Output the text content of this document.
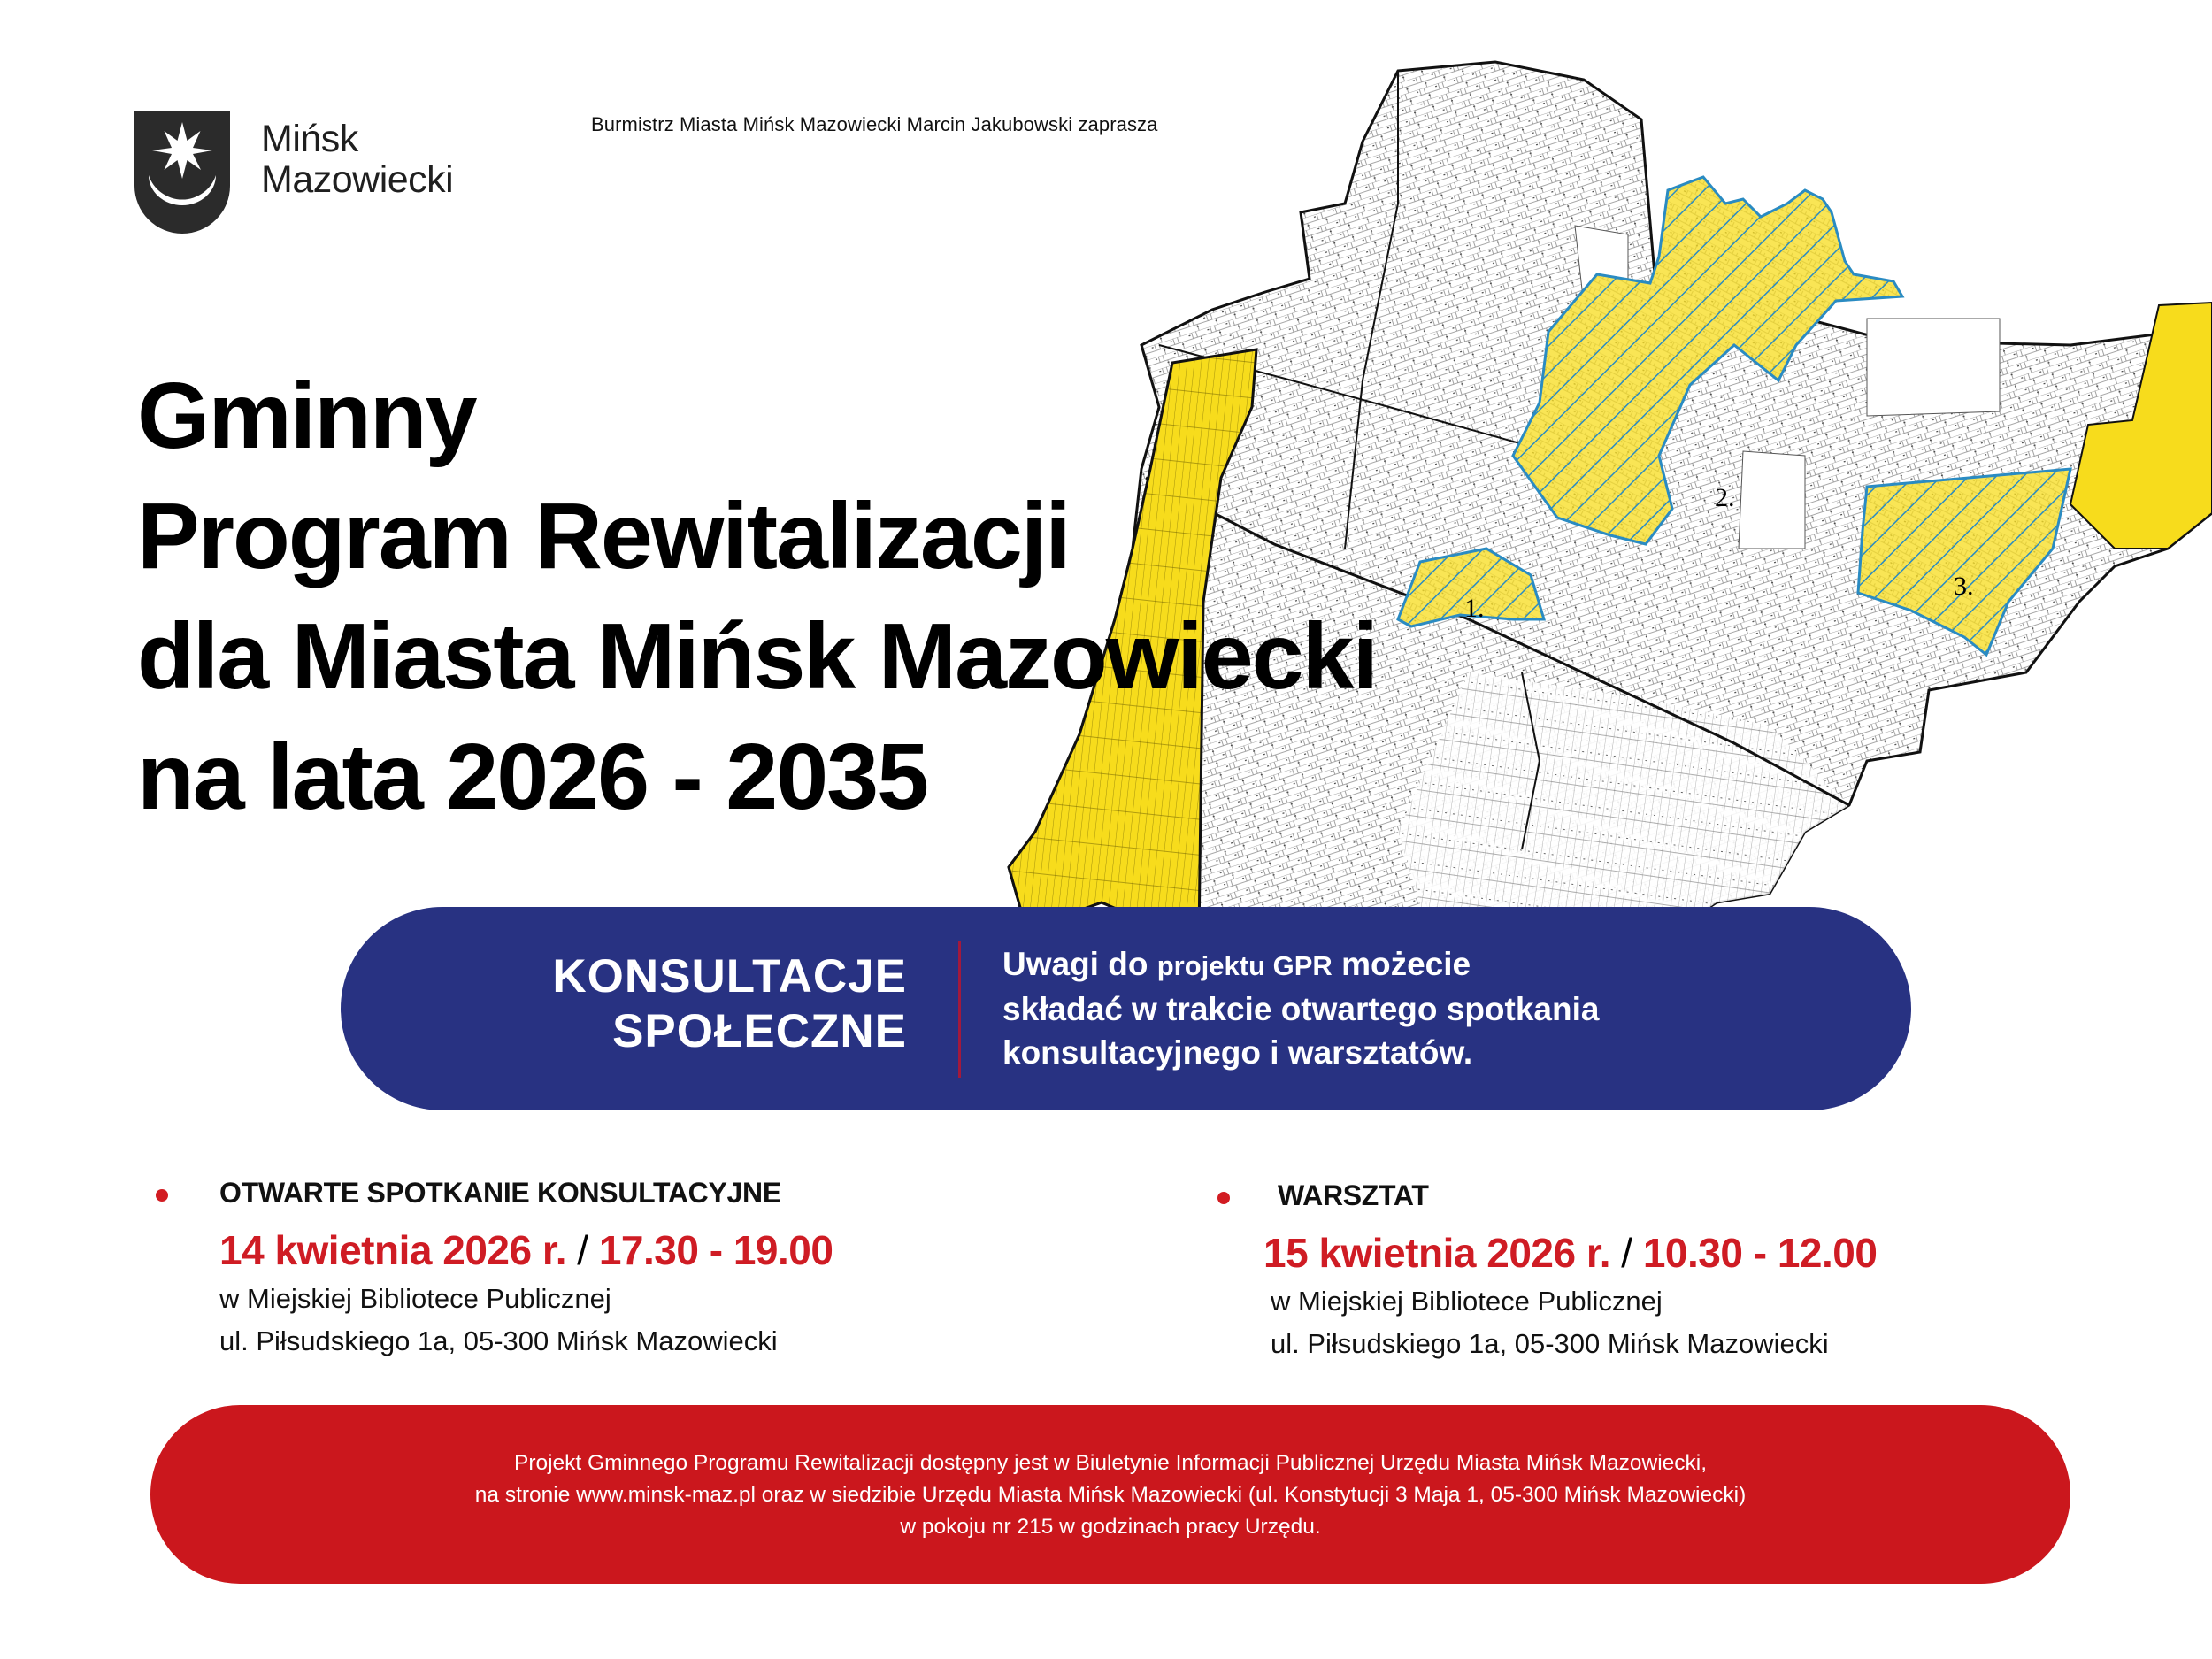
1.
2.
3.
Mińsk
Mazowiecki
Burmistrz Miasta Mińsk Mazowiecki Marcin Jakubowski zaprasza
Gminny
Program Rewitalizacji
dla Miasta Mińsk Mazowiecki
na lata 2026 - 2035
KONSULTACJE
SPOŁECZNE
Uwagi do projektu GPR możecie
składać w trakcie otwartego spotkania
konsultacyjnego i warsztatów.
OTWARTE SPOTKANIE KONSULTACYJNE
14 kwietnia 2026 r. / 17.30 - 19.00
w Miejskiej Bibliotece Publicznej
ul. Piłsudskiego 1a, 05-300 Mińsk Mazowiecki
WARSZTAT
15 kwietnia 2026 r. / 10.30 - 12.00
w Miejskiej Bibliotece Publicznej
ul. Piłsudskiego 1a, 05-300 Mińsk Mazowiecki
Projekt Gminnego Programu Rewitalizacji dostępny jest w Biuletynie Informacji Publicznej Urzędu Miasta Mińsk Mazowiecki,
na stronie www.minsk-maz.pl oraz w siedzibie Urzędu Miasta Mińsk Mazowiecki (ul. Konstytucji 3 Maja 1, 05-300 Mińsk Mazowiecki)
w pokoju nr 215 w godzinach pracy Urzędu.
